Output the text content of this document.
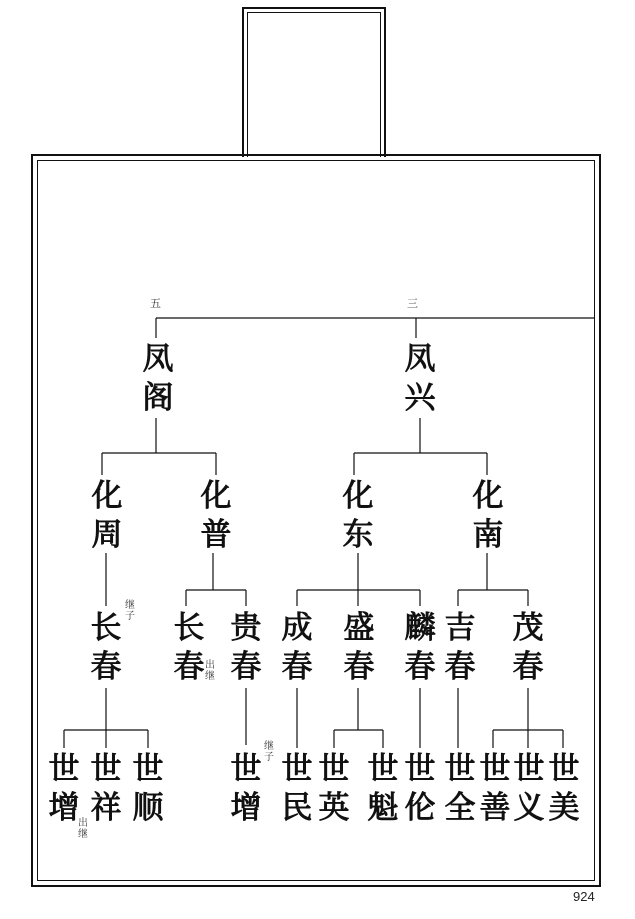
五	三
凤
阁
凤
兴
化
周
化
普
化
东
化
南
长
春
继
子 长
春 出
继
贵
春
成
春
盛
春
麟
春
吉
春
茂
春
世
增
出
继
世
祥
世
顺
世
增
继
子 世
民
世
英
世
魁
世
伦
世
全
世
善
世
义
世
美
924
